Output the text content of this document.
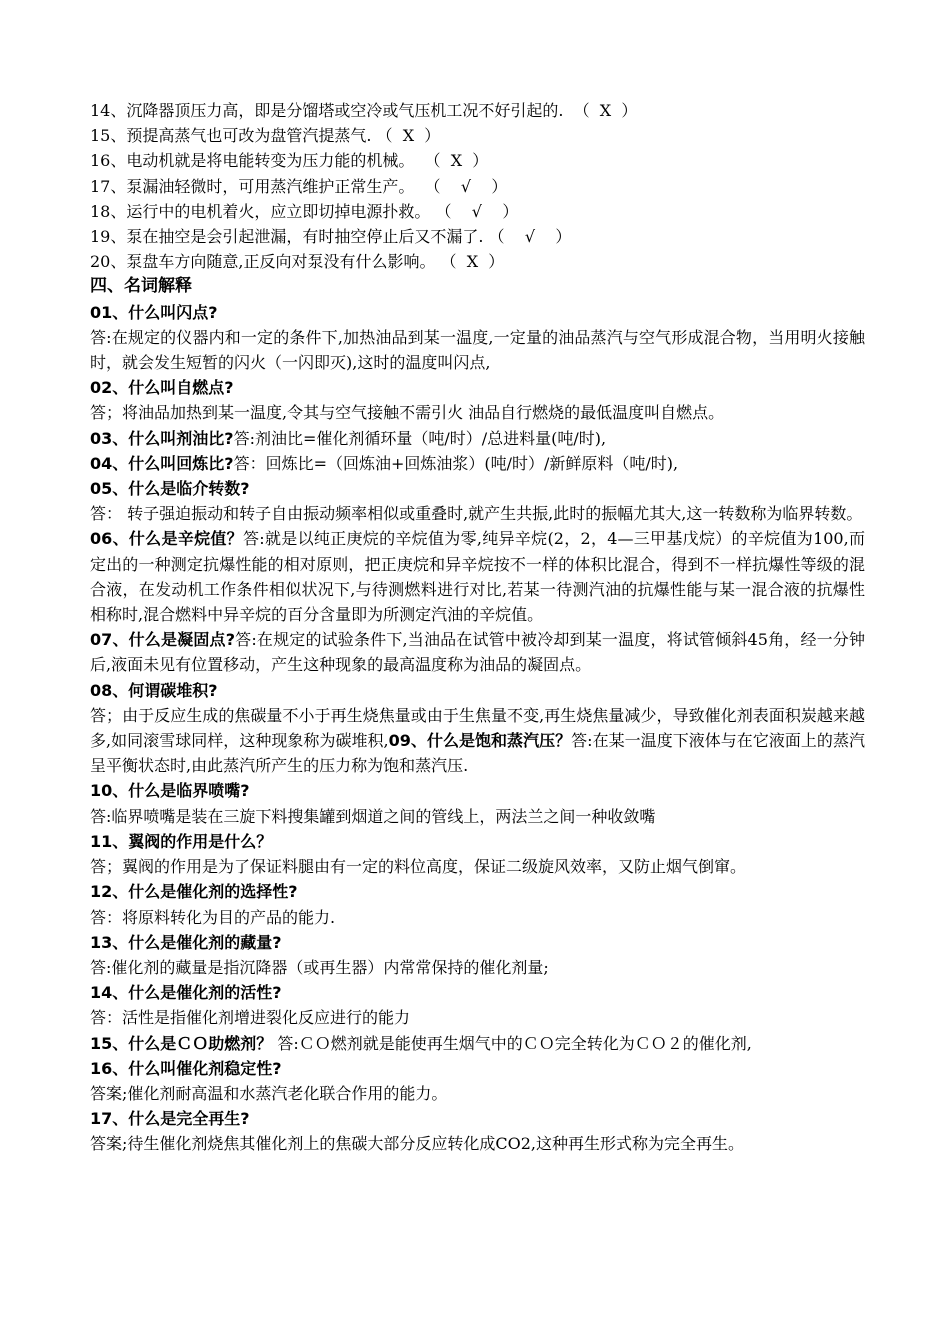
14、沉降器顶压力高，即是分馏塔或空冷或气压机工况不好引起的.  （  X  ）
15、预提高蒸气也可改为盘管汽提蒸气. （  X  ）
16、电动机就是将电能转变为压力能的机械。  （  X  ）
17、泵漏油轻微时，可用蒸汽维护正常生产。  （    √    ）
18、运行中的电机着火，应立即切掉电源扑救。 （    √    ）
19、泵在抽空是会引起泄漏，有时抽空停止后又不漏了. （    √    ）
20、泵盘车方向随意,正反向对泵没有什么影响。 （  X  ）
四、名词解释
01、什么叫闪点?
答:在规定的仪器内和一定的条件下,加热油品到某一温度,一定量的油品蒸汽与空气形成混合物，当用明火接触时，就会发生短暂的闪火（一闪即灭),这时的温度叫闪点,
02、什么叫自燃点?
答；将油品加热到某一温度,令其与空气接触不需引火 油品自行燃烧的最低温度叫自燃点。
03、什么叫剂油比?答:剂油比=催化剂循环量（吨/时）/总进料量(吨/时),
04、什么叫回炼比?答：回炼比=（回炼油+回炼油浆）(吨/时）/新鲜原料（吨/时),
05、什么是临介转数?
答： 转子强迫振动和转子自由振动频率相似或重叠时,就产生共振,此时的振幅尤其大,这一转数称为临界转数。
06、什么是辛烷值？答:就是以纯正庚烷的辛烷值为零,纯异辛烷(2，2，4—三甲基戊烷）的辛烷值为100,而定出的一种测定抗爆性能的相对原则，把正庚烷和异辛烷按不一样的体积比混合，得到不一样抗爆性等级的混合液，在发动机工作条件相似状况下,与待测燃料进行对比,若某一待测汽油的抗爆性能与某一混合液的抗爆性相称时,混合燃料中异辛烷的百分含量即为所测定汽油的辛烷值。
07、什么是凝固点?答:在规定的试验条件下,当油品在试管中被冷却到某一温度，将试管倾斜45角，经一分钟后,液面未见有位置移动，产生这种现象的最高温度称为油品的凝固点。
08、何谓碳堆积?
答；由于反应生成的焦碳量不小于再生烧焦量或由于生焦量不变,再生烧焦量减少，导致催化剂表面积炭越来越多,如同滚雪球同样，这种现象称为碳堆积,09、什么是饱和蒸汽压？答:在某一温度下液体与在它液面上的蒸汽呈平衡状态时,由此蒸汽所产生的压力称为饱和蒸汽压.
10、什么是临界喷嘴?
答:临界喷嘴是装在三旋下料搜集罐到烟道之间的管线上，两法兰之间一种收敛嘴
11、翼阀的作用是什么？
答；翼阀的作用是为了保证料腿由有一定的料位高度，保证二级旋风效率，又防止烟气倒窜。
12、什么是催化剂的选择性?
答：将原料转化为目的产品的能力.
13、什么是催化剂的藏量?
答:催化剂的藏量是指沉降器（或再生器）内常常保持的催化剂量;
14、什么是催化剂的活性?
答：活性是指催化剂增进裂化反应进行的能力
15、什么是ＣＯ助燃剂？ 答:ＣＯ燃剂就是能使再生烟气中的ＣＯ完全转化为ＣＯ２的催化剂,
16、什么叫催化剂稳定性?
答案;催化剂耐高温和水蒸汽老化联合作用的能力。
17、什么是完全再生?
答案;待生催化剂烧焦其催化剂上的焦碳大部分反应转化成CO2,这种再生形式称为完全再生。
